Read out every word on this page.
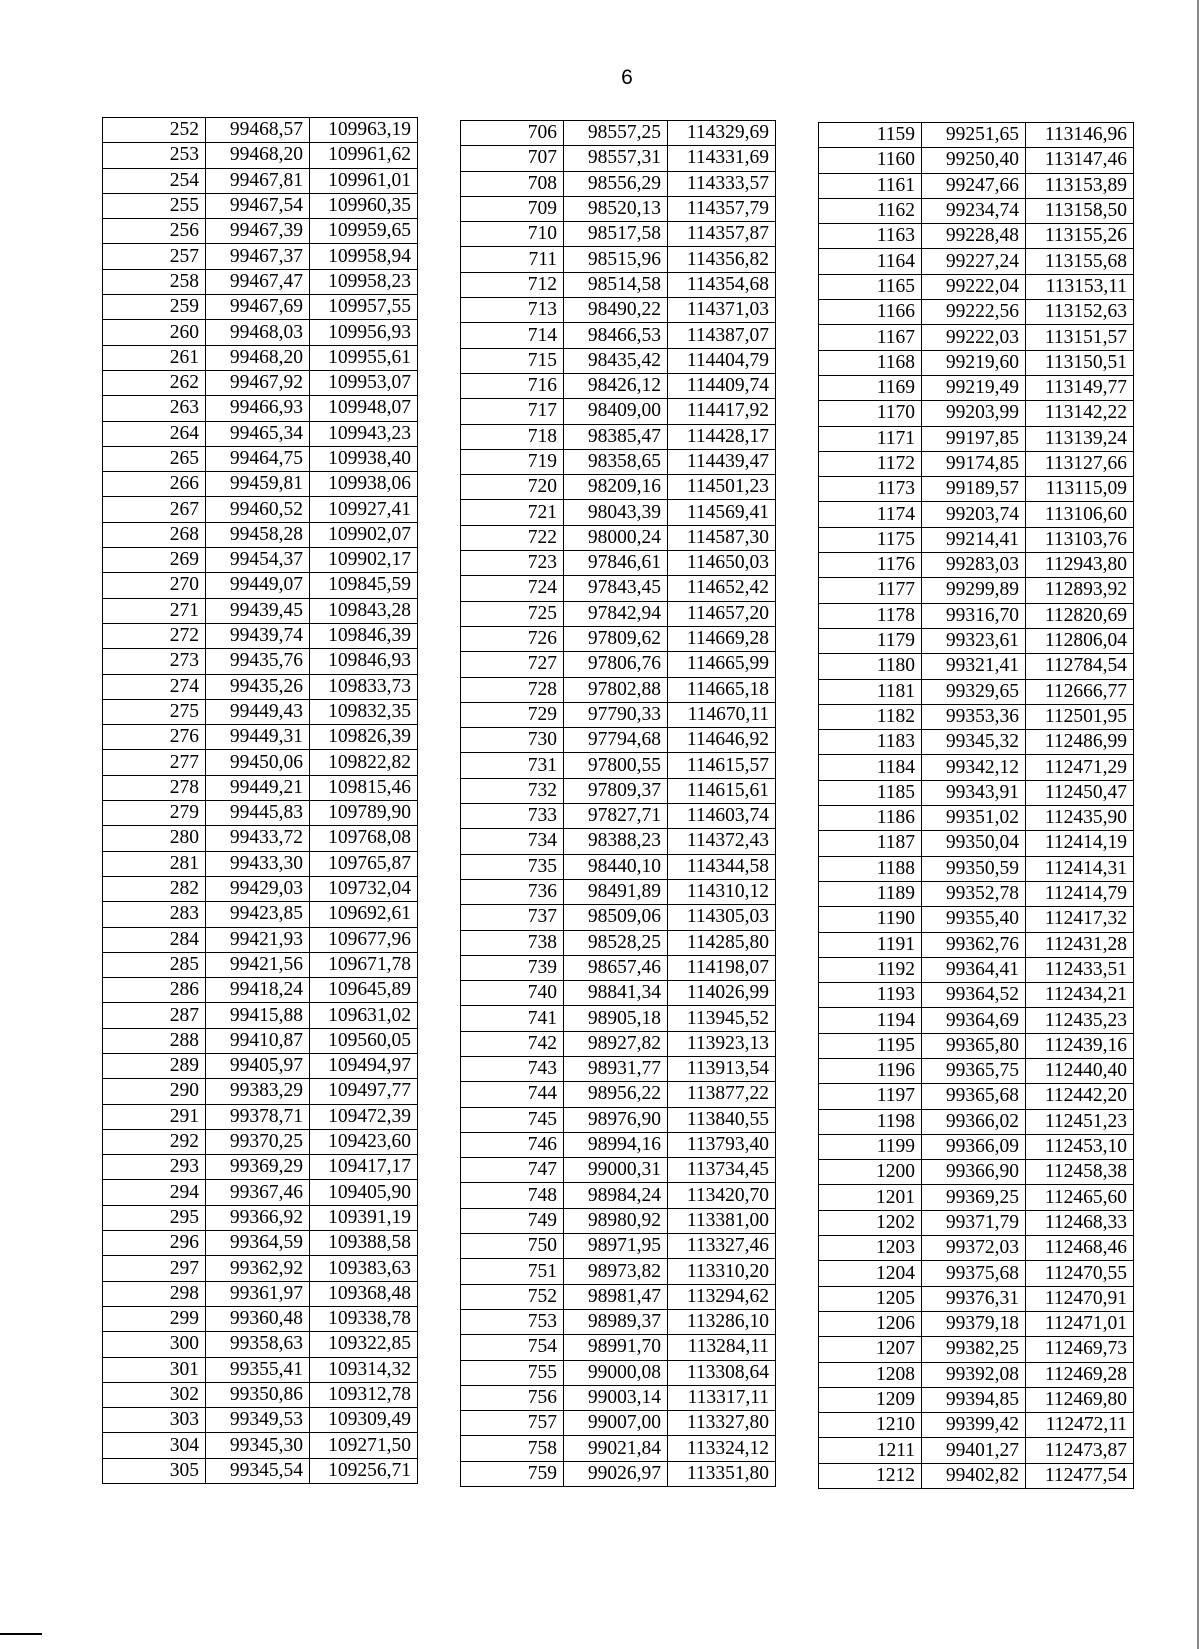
6
252	99468,57	109963,19
253	99468,20	109961,62
254	99467,81	109961,01
255	99467,54	109960,35
256	99467,39	109959,65
257	99467,37	109958,94
258	99467,47	109958,23
259	99467,69	109957,55
260	99468,03	109956,93
261	99468,20	109955,61
262	99467,92	109953,07
263	99466,93	109948,07
264	99465,34	109943,23
265	99464,75	109938,40
266	99459,81	109938,06
267	99460,52	109927,41
268	99458,28	109902,07
269	99454,37	109902,17
270	99449,07	109845,59
271	99439,45	109843,28
272	99439,74	109846,39
273	99435,76	109846,93
274	99435,26	109833,73
275	99449,43	109832,35
276	99449,31	109826,39
277	99450,06	109822,82
278	99449,21	109815,46
279	99445,83	109789,90
280	99433,72	109768,08
281	99433,30	109765,87
282	99429,03	109732,04
283	99423,85	109692,61
284	99421,93	109677,96
285	99421,56	109671,78
286	99418,24	109645,89
287	99415,88	109631,02
288	99410,87	109560,05
289	99405,97	109494,97
290	99383,29	109497,77
291	99378,71	109472,39
292	99370,25	109423,60
293	99369,29	109417,17
294	99367,46	109405,90
295	99366,92	109391,19
296	99364,59	109388,58
297	99362,92	109383,63
298	99361,97	109368,48
299	99360,48	109338,78
300	99358,63	109322,85
301	99355,41	109314,32
302	99350,86	109312,78
303	99349,53	109309,49
304	99345,30	109271,50
305	99345,54	109256,71
706	98557,25	114329,69
707	98557,31	114331,69
708	98556,29	114333,57
709	98520,13	114357,79
710	98517,58	114357,87
711	98515,96	114356,82
712	98514,58	114354,68
713	98490,22	114371,03
714	98466,53	114387,07
715	98435,42	114404,79
716	98426,12	114409,74
717	98409,00	114417,92
718	98385,47	114428,17
719	98358,65	114439,47
720	98209,16	114501,23
721	98043,39	114569,41
722	98000,24	114587,30
723	97846,61	114650,03
724	97843,45	114652,42
725	97842,94	114657,20
726	97809,62	114669,28
727	97806,76	114665,99
728	97802,88	114665,18
729	97790,33	114670,11
730	97794,68	114646,92
731	97800,55	114615,57
732	97809,37	114615,61
733	97827,71	114603,74
734	98388,23	114372,43
735	98440,10	114344,58
736	98491,89	114310,12
737	98509,06	114305,03
738	98528,25	114285,80
739	98657,46	114198,07
740	98841,34	114026,99
741	98905,18	113945,52
742	98927,82	113923,13
743	98931,77	113913,54
744	98956,22	113877,22
745	98976,90	113840,55
746	98994,16	113793,40
747	99000,31	113734,45
748	98984,24	113420,70
749	98980,92	113381,00
750	98971,95	113327,46
751	98973,82	113310,20
752	98981,47	113294,62
753	98989,37	113286,10
754	98991,70	113284,11
755	99000,08	113308,64
756	99003,14	113317,11
757	99007,00	113327,80
758	99021,84	113324,12
759	99026,97	113351,80
1159	99251,65	113146,96
1160	99250,40	113147,46
1161	99247,66	113153,89
1162	99234,74	113158,50
1163	99228,48	113155,26
1164	99227,24	113155,68
1165	99222,04	113153,11
1166	99222,56	113152,63
1167	99222,03	113151,57
1168	99219,60	113150,51
1169	99219,49	113149,77
1170	99203,99	113142,22
1171	99197,85	113139,24
1172	99174,85	113127,66
1173	99189,57	113115,09
1174	99203,74	113106,60
1175	99214,41	113103,76
1176	99283,03	112943,80
1177	99299,89	112893,92
1178	99316,70	112820,69
1179	99323,61	112806,04
1180	99321,41	112784,54
1181	99329,65	112666,77
1182	99353,36	112501,95
1183	99345,32	112486,99
1184	99342,12	112471,29
1185	99343,91	112450,47
1186	99351,02	112435,90
1187	99350,04	112414,19
1188	99350,59	112414,31
1189	99352,78	112414,79
1190	99355,40	112417,32
1191	99362,76	112431,28
1192	99364,41	112433,51
1193	99364,52	112434,21
1194	99364,69	112435,23
1195	99365,80	112439,16
1196	99365,75	112440,40
1197	99365,68	112442,20
1198	99366,02	112451,23
1199	99366,09	112453,10
1200	99366,90	112458,38
1201	99369,25	112465,60
1202	99371,79	112468,33
1203	99372,03	112468,46
1204	99375,68	112470,55
1205	99376,31	112470,91
1206	99379,18	112471,01
1207	99382,25	112469,73
1208	99392,08	112469,28
1209	99394,85	112469,80
1210	99399,42	112472,11
1211	99401,27	112473,87
1212	99402,82	112477,54
